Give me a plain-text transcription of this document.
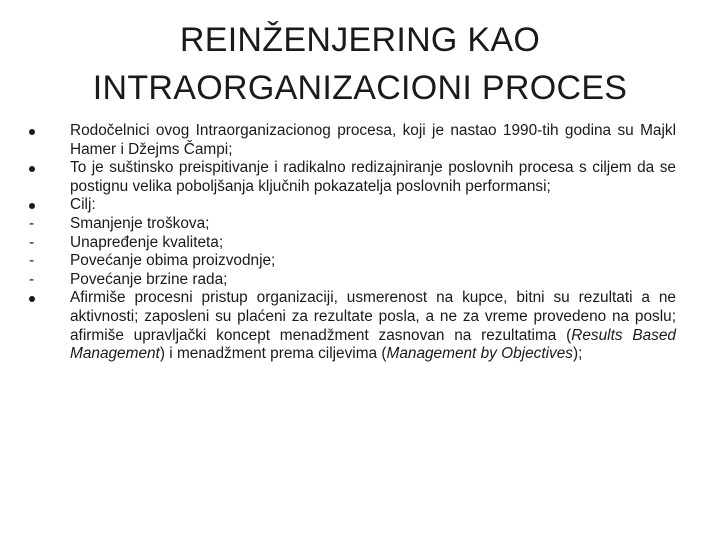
REINŽENJERING KAO
INTRAORGANIZACIONI PROCES
Rodočelnici ovog Intraorganizacionog procesa, koji je nastao 1990-tih godina su Majkl Hamer i Džejms Čampi;
To je suštinsko preispitivanje i radikalno redizajniranje poslovnih procesa s ciljem da se postignu velika poboljšanja ključnih pokazatelja poslovnih performansi;
Cilj:
- Smanjenje troškova;
- Unapređenje kvaliteta;
- Povećanje obima proizvodnje;
- Povećanje brzine rada;
Afirmiše procesni pristup organizaciji, usmerenost na kupce, bitni su rezultati a ne aktivnosti; zaposleni su plaćeni za rezultate posla, a ne za vreme provedeno na poslu; afirmiše upravljački koncept menadžment zasnovan na rezultatima (Results Based Management) i menadžment prema ciljevima (Management by Objectives);
